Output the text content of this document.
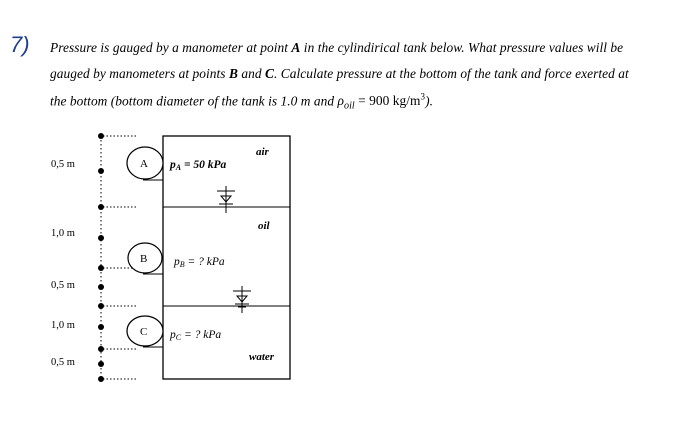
7) Pressure is gauged by a manometer at point A in the cylindirical tank below. What pressure values will be
gauged by manometers at points B and C. Calculate pressure at the bottom of the tank and force exerted at
the bottom (bottom diameter of the tank is 1.0 m and $\rho_{oil} = 900$ $kg/m^3$).
0,5 m
1,0 m
0,5 m
1,0 m
0,5 m
air
oil
water
A pA = 50 kPa
B pB = ? kPa
C pC = ? kPa
